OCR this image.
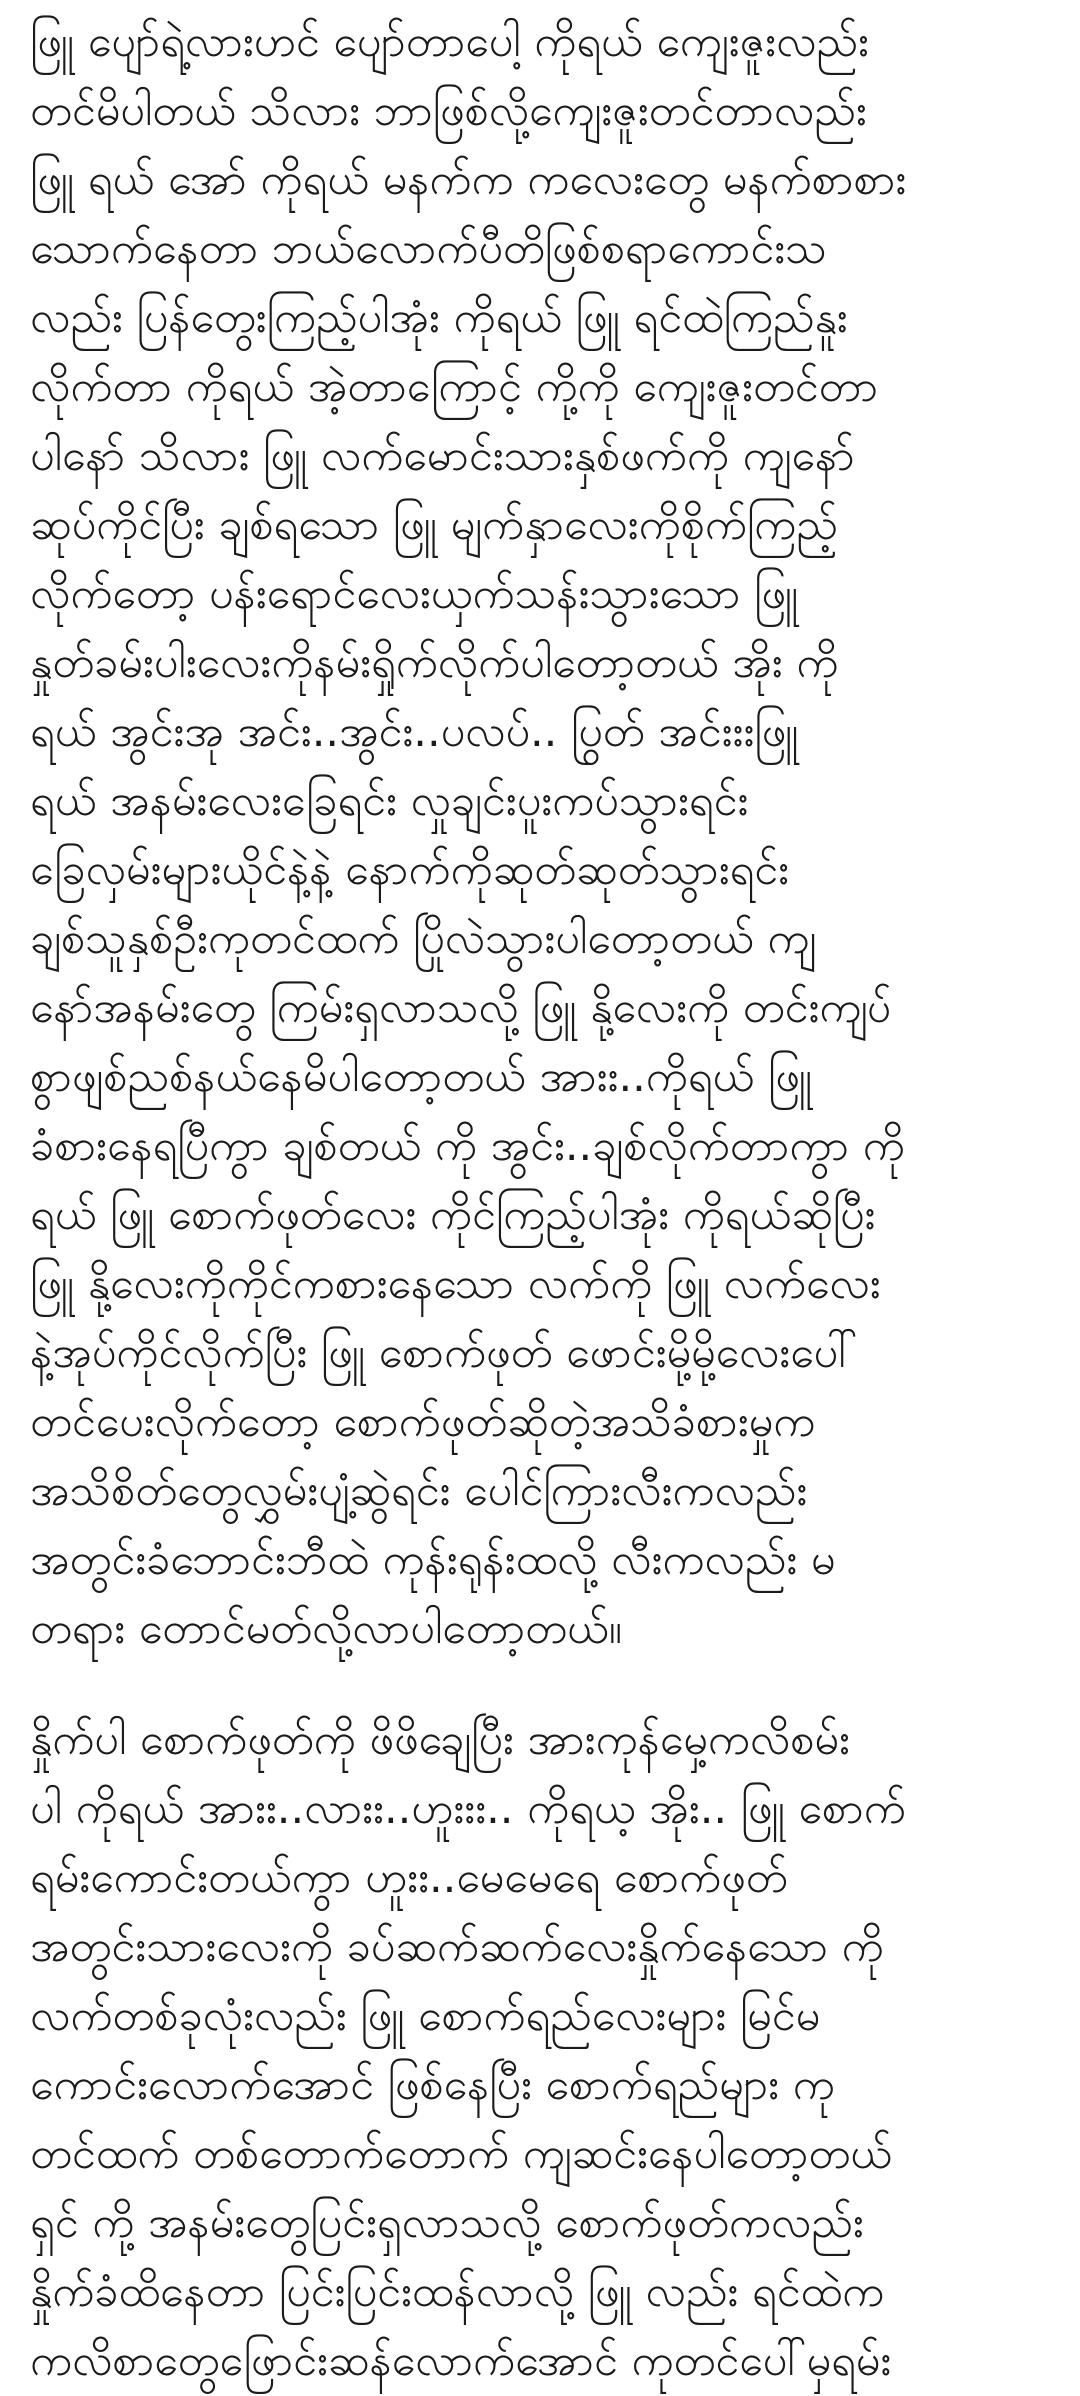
ဖြူ ပျော်ရဲ့လားဟင် ပျော်တာပေါ့ ကိုရယ် ကျေးဇူးလည်း
တင်မိပါတယ် သိလား ဘာဖြစ်လို့ကျေးဇူးတင်တာလည်း
ဖြူ ရယ် အော် ကိုရယ် မနက်က ကလေးတွေ မနက်စာစား
သောက်နေတာ ဘယ်လောက်ပီတိဖြစ်စရာကောင်းသ
လည်း ပြန်တွေးကြည့်ပါအုံး ကိုရယ် ဖြူ ရင်ထဲကြည်နူး
လိုက်တာ ကိုရယ် အဲ့တာကြောင့် ကို့ကို ကျေးဇူးတင်တာ
ပါနော် သိလား ဖြူ လက်မောင်းသားနှစ်ဖက်ကို ကျနော်
ဆုပ်ကိုင်ပြီး ချစ်ရသော ဖြူ မျက်နှာလေးကိုစိုက်ကြည့်
လိုက်တော့ ပန်းရောင်လေးယှက်သန်းသွားသော ဖြူ
နှုတ်ခမ်းပါးလေးကိုနမ်းရှိုက်လိုက်ပါတော့တယ် အိုး ကို
ရယ် အွင်းအု အင်း..အွင်း..ပလပ်.. ပြွတ် အင်းးးဖြူ
ရယ် အနမ်းလေးခြေရင်း လှုချင်းပူးကပ်သွားရင်း
ခြေလှမ်းများယိုင်နဲ့နဲ့ နောက်ကိုဆုတ်ဆုတ်သွားရင်း
ချစ်သူနှစ်ဦးကုတင်ထက် ပြိုလဲသွားပါတော့တယ် ကျ
နော်အနမ်းတွေ ကြမ်းရှလာသလို့ ဖြူ နို့လေးကို တင်းကျပ်
စွာဖျစ်ညစ်နယ်နေမိပါတော့တယ် အားး..ကိုရယ် ဖြူ
ခံစားနေရပြီကွာ ချစ်တယ် ကို အွင်း..ချစ်လိုက်တာကွာ ကို
ရယ် ဖြူ စောက်ဖုတ်လေး ကိုင်ကြည့်ပါအုံး ကိုရယ်ဆိုပြီး
ဖြူ နို့လေးကိုကိုင်ကစားနေသော လက်ကို ဖြူ လက်လေး
နဲ့အုပ်ကိုင်လိုက်ပြီး ဖြူ စောက်ဖုတ် ဖောင်းမို့မို့လေးပေါ်
တင်ပေးလိုက်တော့ စောက်ဖုတ်ဆိုတဲ့အသိခံစားမှုက
အသိစိတ်တွေလွှမ်းပျံ့ဆွဲရင်း ပေါင်ကြားလီးကလည်း
အတွင်းခံဘောင်းဘီထဲ ကုန်းရုန်းထလို့ လီးကလည်း မ
တရား တောင်မတ်လို့လာပါတော့တယ်။
နှိုက်ပါ စောက်ဖုတ်ကို ဖိဖိချေပြီး အားကုန်မှေ့ကလိစမ်း
ပါ ကိုရယ် အားး..လားး..ဟူးးး.. ကိုရယ့ အိုး.. ဖြူ စောက်
ရမ်းကောင်းတယ်ကွာ ဟူးး..မေမေရေ စောက်ဖုတ်
အတွင်းသားလေးကို ခပ်ဆက်ဆက်လေးနှိုက်နေသော ကို
လက်တစ်ခုလုံးလည်း ဖြူ စောက်ရည်လေးများ မြင်မ
ကောင်းလောက်အောင် ဖြစ်နေပြီး စောက်ရည်များ ကု
တင်ထက် တစ်တောက်တောက် ကျဆင်းနေပါတော့တယ်
ရှင် ကို့ အနမ်းတွေပြင်းရှလာသလို့ စောက်ဖုတ်ကလည်း
နှိုက်ခံထိနေတာ ပြင်းပြင်းထန်လာလို့ ဖြူ လည်း ရင်ထဲက
ကလိစာတွေဖြောင်းဆန်လောက်အောင် ကုတင်ပေါ်မှရမ်း
